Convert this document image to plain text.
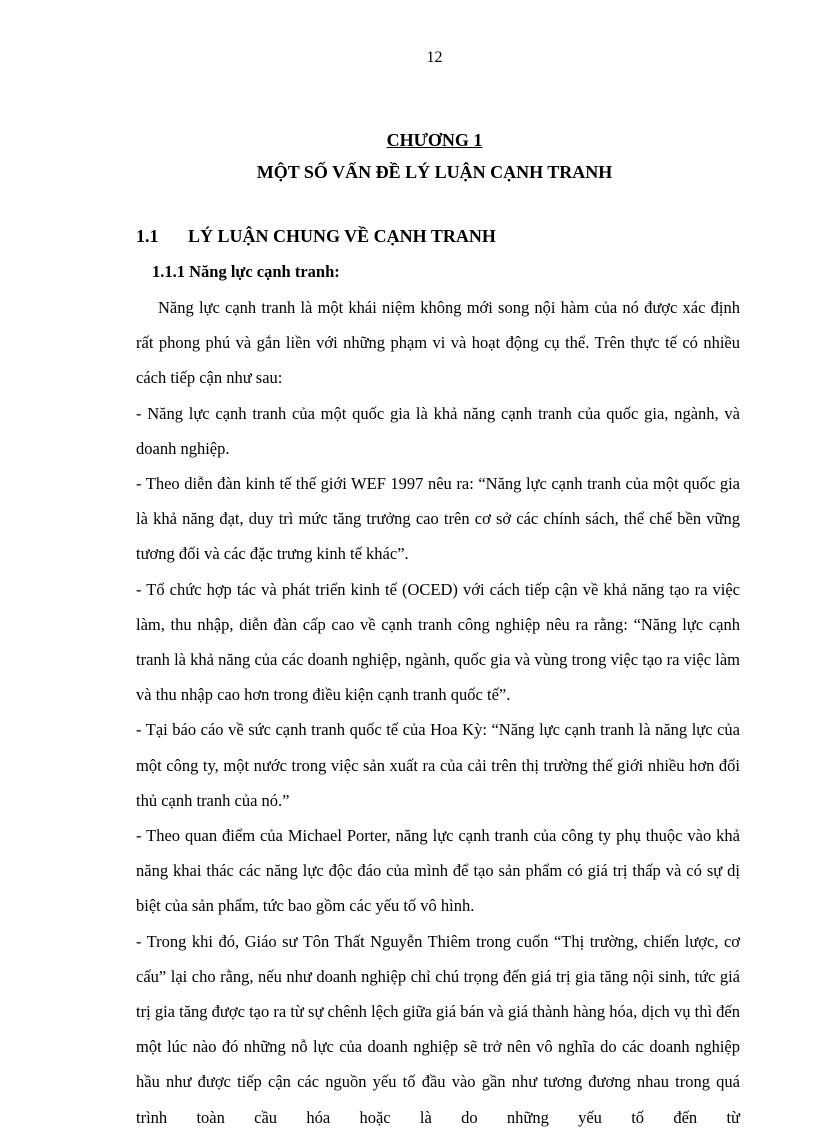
12
CHƯƠNG 1
MỘT SỐ VẤN ĐỀ LÝ LUẬN CẠNH TRANH
1.1 LÝ LUẬN CHUNG VỀ CẠNH TRANH
1.1.1 Năng lực cạnh tranh:

Năng lực cạnh tranh là một khái niệm không mới song nội hàm của nó được xác định rất phong phú và gắn liền với những phạm vi và hoạt động cụ thể. Trên thực tế có nhiều cách tiếp cận như sau:

- Năng lực cạnh tranh của một quốc gia là khả năng cạnh tranh của quốc gia, ngành, và doanh nghiệp.

- Theo diễn đàn kinh tế thế giới WEF 1997 nêu ra: “Năng lực cạnh tranh của một quốc gia là khả năng đạt, duy trì mức tăng trưởng cao trên cơ sở các chính sách, thể chế bền vững tương đối và các đặc trưng kinh tế khác”.

- Tổ chức hợp tác và phát triển kinh tế (OCED) với cách tiếp cận về khả năng tạo ra việc làm, thu nhập, diễn đàn cấp cao về cạnh tranh công nghiệp nêu ra rằng: “Năng lực cạnh tranh là khả năng của các doanh nghiệp, ngành, quốc gia và vùng trong việc tạo ra việc làm và thu nhập cao hơn trong điều kiện cạnh tranh quốc tế”.

- Tại báo cáo về sức cạnh tranh quốc tế của Hoa Kỳ: “Năng lực cạnh tranh là năng lực của một công ty, một nước trong việc sản xuất ra của cải trên thị trường thế giới nhiều hơn đối thủ cạnh tranh của nó.”

- Theo quan điểm của Michael Porter, năng lực cạnh tranh của công ty phụ thuộc vào khả năng khai thác các năng lực độc đáo của mình để tạo sản phẩm có giá trị thấp và có sự dị biệt của sản phẩm, tức bao gồm các yếu tố vô hình.

- Trong khi đó, Giáo sư Tôn Thất Nguyễn Thiêm trong cuốn “Thị trường, chiến lược, cơ cấu” lại cho rằng, nếu như doanh nghiệp chỉ chú trọng đến giá trị gia tăng nội sinh, tức giá trị gia tăng được tạo ra từ sự chênh lệch giữa giá bán và giá thành hàng hóa, dịch vụ thì đến một lúc nào đó những nỗ lực của doanh nghiệp sẽ trở nên vô nghĩa do các doanh nghiệp hầu như được tiếp cận các nguồn yếu tố đầu vào gần như tương đương nhau trong quá trình toàn cầu hóa hoặc là do những yếu tố đến từ
